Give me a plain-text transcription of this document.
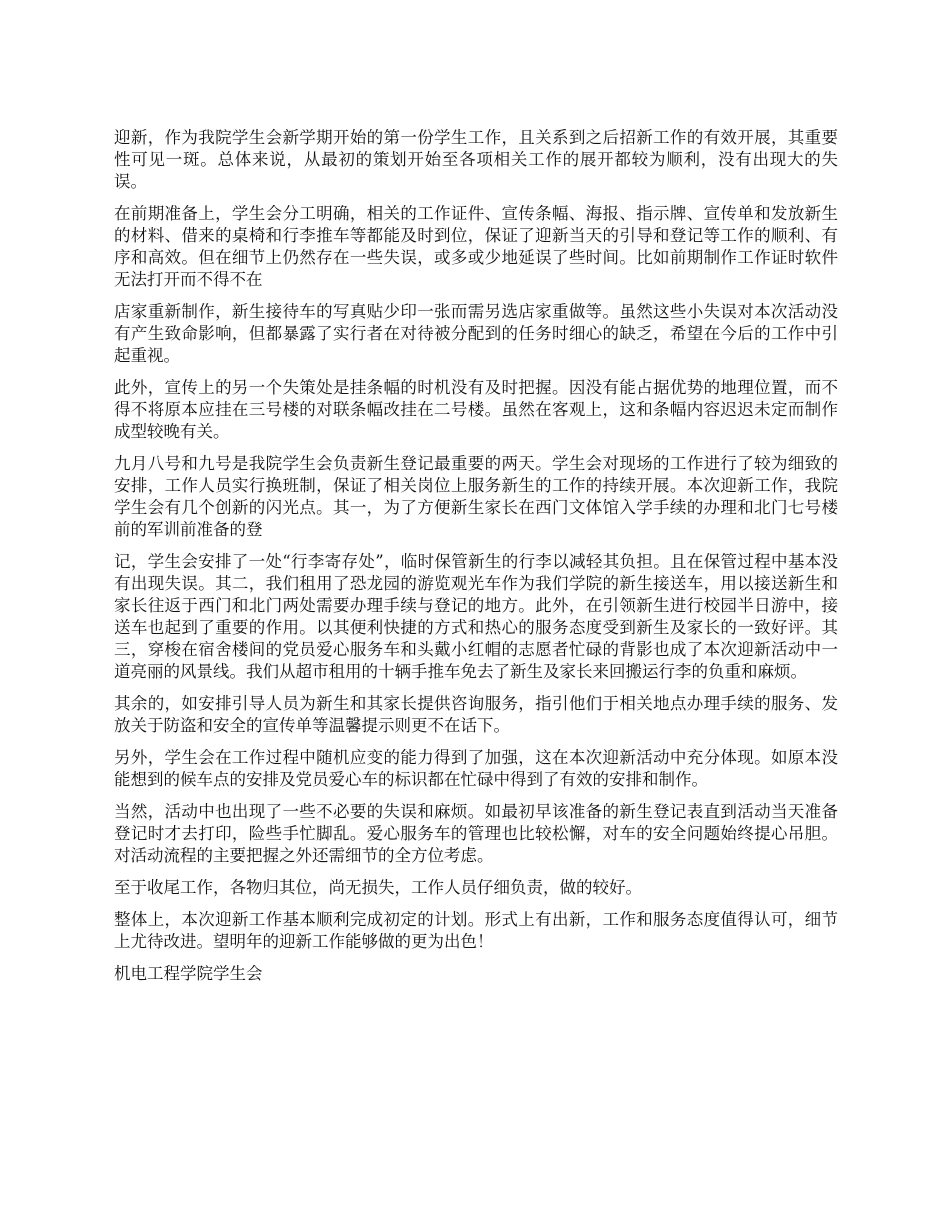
迎新，作为我院学生会新学期开始的第一份学生工作，且关系到之后招新工作的有效开展，其重要性可见一斑。总体来说，从最初的策划开始至各项相关工作的展开都较为顺利，没有出现大的失误。

在前期准备上，学生会分工明确，相关的工作证件、宣传条幅、海报、指示牌、宣传单和发放新生的材料、借来的桌椅和行李推车等都能及时到位，保证了迎新当天的引导和登记等工作的顺利、有序和高效。但在细节上仍然存在一些失误，或多或少地延误了些时间。比如前期制作工作证时软件无法打开而不得不在

店家重新制作，新生接待车的写真贴少印一张而需另选店家重做等。虽然这些小失误对本次活动没有产生致命影响，但都暴露了实行者在对待被分配到的任务时细心的缺乏，希望在今后的工作中引起重视。

此外，宣传上的另一个失策处是挂条幅的时机没有及时把握。因没有能占据优势的地理位置，而不得不将原本应挂在三号楼的对联条幅改挂在二号楼。虽然在客观上，这和条幅内容迟迟未定而制作成型较晚有关。

九月八号和九号是我院学生会负责新生登记最重要的两天。学生会对现场的工作进行了较为细致的安排，工作人员实行换班制，保证了相关岗位上服务新生的工作的持续开展。本次迎新工作，我院学生会有几个创新的闪光点。其一，为了方便新生家长在西门文体馆入学手续的办理和北门七号楼前的军训前准备的登

记，学生会安排了一处“行李寄存处”，临时保管新生的行李以减轻其负担。且在保管过程中基本没有出现失误。其二，我们租用了恐龙园的游览观光车作为我们学院的新生接送车，用以接送新生和家长往返于西门和北门两处需要办理手续与登记的地方。此外，在引领新生进行校园半日游中，接送车也起到了重要的作用。以其便利快捷的方式和热心的服务态度受到新生及家长的一致好评。其三，穿梭在宿舍楼间的党员爱心服务车和头戴小红帽的志愿者忙碌的背影也成了本次迎新活动中一道亮丽的风景线。我们从超市租用的十辆手推车免去了新生及家长来回搬运行李的负重和麻烦。

其余的，如安排引导人员为新生和其家长提供咨询服务，指引他们于相关地点办理手续的服务、发放关于防盗和安全的宣传单等温馨提示则更不在话下。

另外，学生会在工作过程中随机应变的能力得到了加强，这在本次迎新活动中充分体现。如原本没能想到的候车点的安排及党员爱心车的标识都在忙碌中得到了有效的安排和制作。

当然，活动中也出现了一些不必要的失误和麻烦。如最初早该准备的新生登记表直到活动当天准备登记时才去打印，险些手忙脚乱。爱心服务车的管理也比较松懈，对车的安全问题始终提心吊胆。对活动流程的主要把握之外还需细节的全方位考虑。

至于收尾工作，各物归其位，尚无损失，工作人员仔细负责，做的较好。

整体上，本次迎新工作基本顺利完成初定的计划。形式上有出新，工作和服务态度值得认可，细节上尤待改进。望明年的迎新工作能够做的更为出色！

机电工程学院学生会
